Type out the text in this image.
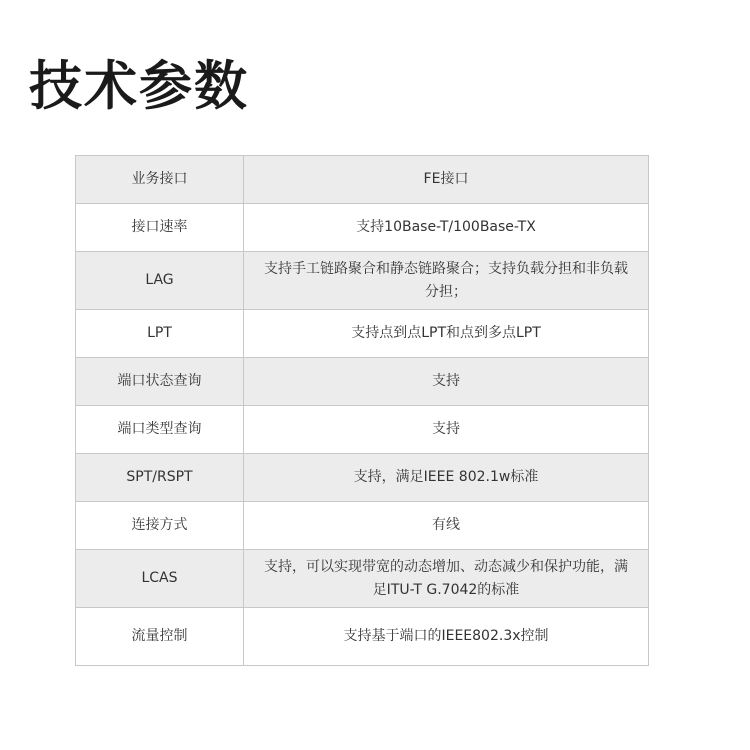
技术参数
业务接口	FE接口
接口速率	支持10Base-T/100Base-TX
LAG	支持手工链路聚合和静态链路聚合；支持负载分担和非负载分担；
LPT	支持点到点LPT和点到多点LPT
端口状态查询	支持
端口类型查询	支持
SPT/RSPT	支持，满足IEEE 802.1w标准
连接方式	有线
LCAS	支持，可以实现带宽的动态增加、动态减少和保护功能，满足ITU-T G.7042的标准
流量控制	支持基于端口的IEEE802.3x控制
